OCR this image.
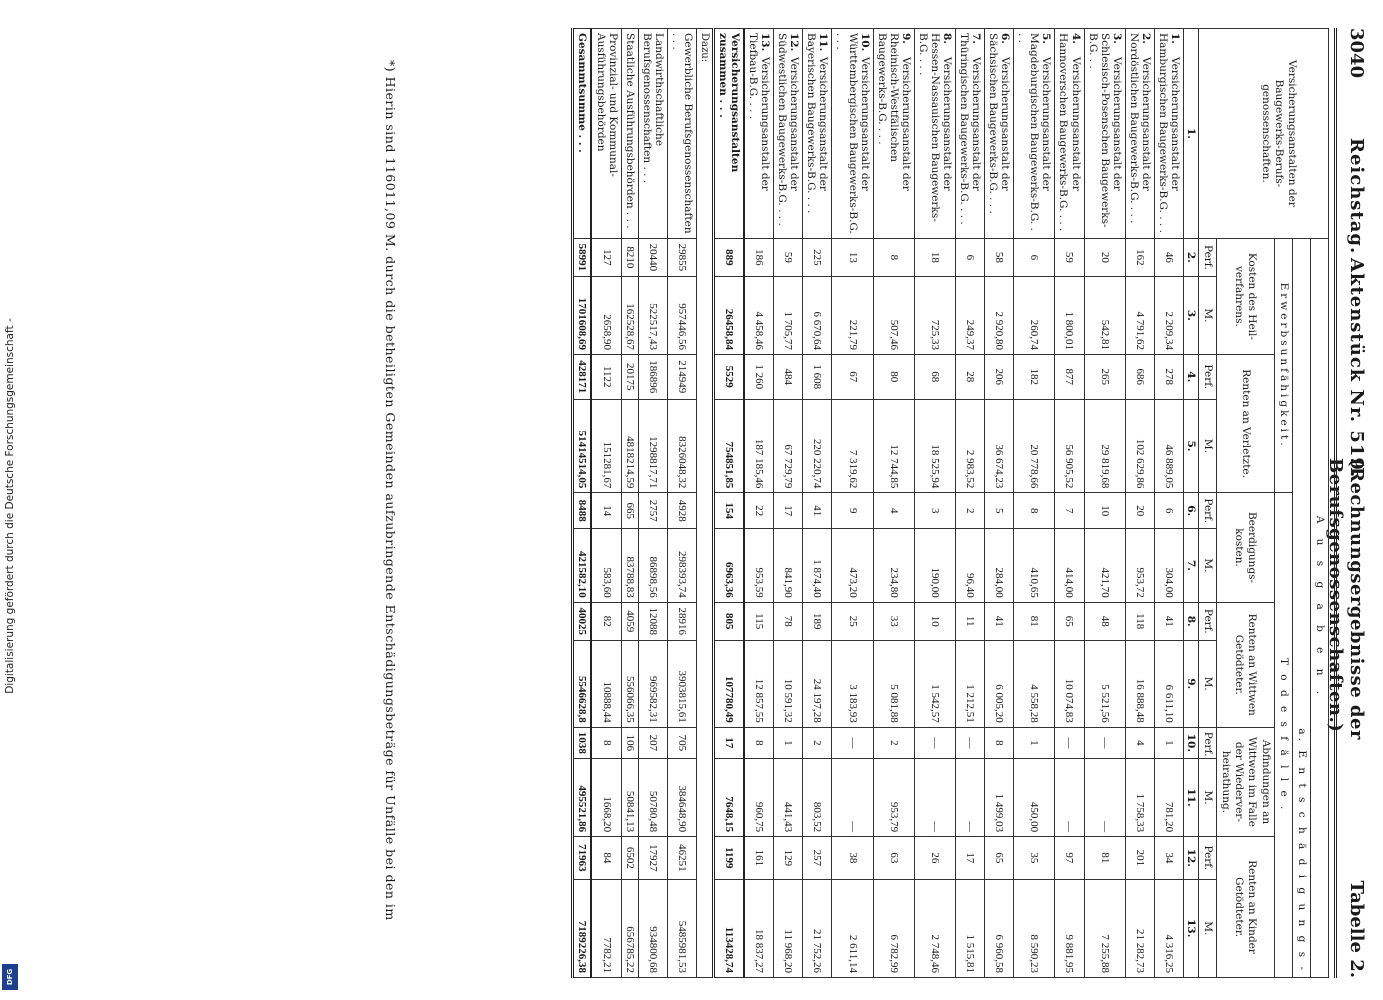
Digitalisierung gefördert durch die Deutsche Forschungsgemeinschaft -
DFG
3040
Reichstag.
Aktenstück Nr. 519.
(Rechnungsergebnisse der Berufsgenossenschaften.)
Tabelle 2.
Versicherungsanstalten der Baugewerks-Berufs-genossenschaften.	A u s g a b e n .											
	a. E n t s c h ä d i g u n g s -											
	Erwerbsunfähigkeit.				T o d e s f ä l l e .							
	Kosten des Heil-verfahrens.		Renten an Verletzte.		Beerdigungs-kosten.		Renten an Wittwen Getödteter.		Abfindungen an Wittwen im Falle der Wiederver-heirathung.		Renten an Kinder Getödteter.	
	Perf.	M.	Perf.	M.	Perf.	M.	Perf.	M.	Perf.	M.	Perf.	M.
1.	2.	3.	4.	5.	6.	7.	8.	9.	10.	11.	12.	13.
1.Versicherungsanstalt der Hamburgischen Baugewerks-B.G. . . .	46	2 209,34	278	46 889,05	6	304,00	41	6 611,10	1	781,20	34	4 316,25
2.Versicherungsanstalt der Nordöstlichen Baugewerks-B.G. . . .	162	4 791,62	686	102 629,86	20	953,72	118	16 888,48	4	1 758,33	201	21 282,73
3.Versicherungsanstalt der Schlesisch-Posenschen Baugewerks-B.G. . .	20	542,81	265	29 819,68	10	421,70	48	5 521,56	—	—	81	7 255,88
4.Versicherungsanstalt der Hannoverschen Baugewerks-B.G. . . .	59	1 800,01	877	56 905,52	7	414,00	65	10 074,83	—	—	97	9 881,95
5.Versicherungsanstalt der Magdeburgischen Baugewerks-B.G. . . .	6	260,74	182	20 778,66	8	410,65	81	4 558,28	1	450,00	35	8 590,23
6.Versicherungsanstalt der Sächsischen Baugewerks-B.G. . . .	58	2 920,80	206	36 674,23	5	284,00	41	6 005,20	8	1 499,03	65	6 960,58
7.Versicherungsanstalt der Thüringischen Baugewerks-B.G. . . .	6	249,37	28	2 983,52	2	96,40	11	1 212,51	—	—	17	1 515,81
8.Versicherungsanstalt der Hessen-Nassauischen Baugewerks-B.G. . . .	18	725,33	68	18 525,94	3	190,00	10	1 542,57	—	—	26	2 748,46
9.Versicherungsanstalt der Rheinisch-Westfälischen Baugewerks-B.G. . . .	8	507,46	80	12 744,85	4	234,80	33	5 081,88	2	953,79	63	6 782,99
10.Versicherungsanstalt der Württembergischen Baugewerks-B.G. . . .	13	221,79	67	7 319,62	9	473,20	25	3 183,93	—	—	38	2 611,14
11.Versicherungsanstalt der Bayerischen Baugewerks-B.G. . . .	225	6 670,64	1 608	220 220,74	41	1 874,40	189	24 197,28	2	803,52	257	21 752,26
12.Versicherungsanstalt der Südwestlichen Baugewerks-B.G. . . .	59	1 705,77	484	67 729,79	17	841,90	78	10 591,32	1	441,43	129	11 968,20
13.Versicherungsanstalt der Tiefbau-B.G. . . .	186	4 458,46	1 260	187 185,46	22	953,59	115	12 857,55	8	960,75	161	18 837,27
Versicherungsanstalten zusammen . . .	889	26458,84	5529	754851,85	154	6963,36	805	107780,49	17	7648,15	1199	113428,74
Dazu:												
Gewerbliche Berufsgenossenschaften . . .	29855	957446,56	214949	8326048,32	4928	298393,74	28916	3903815,61	705	384648,90	46251	5485981,53
Landwirthschaftliche Berufsgenossenschaften . . .	20440	522517,43	186896	1298817,71	2757	86898,56	12088	969582,31	207	50780,48	17927	934800,68
Staatliche Ausführungsbehörden . . .	8210	162528,67	20175	4818214,59	665	83788,83	4059	556066,35	106	50841,13	6502	656785,22
Provinzial- und Kommunal-Ausführungsbehörden	127	2658,90	1122	151281,67	14	583,60	82	10888,44	8	1668,20	84	7782,21
Gesammtsumme . . .	58991	1701608,69	428171	51414514,05	8488	421582,10	40025	5546628,8	1038	495521,86	71963	7189226,38
*) Hierin sind 116011,09 M. durch die betheiligten Gemeinden aufzubringende Entschädigungsbeträge für Unfälle bei den im
